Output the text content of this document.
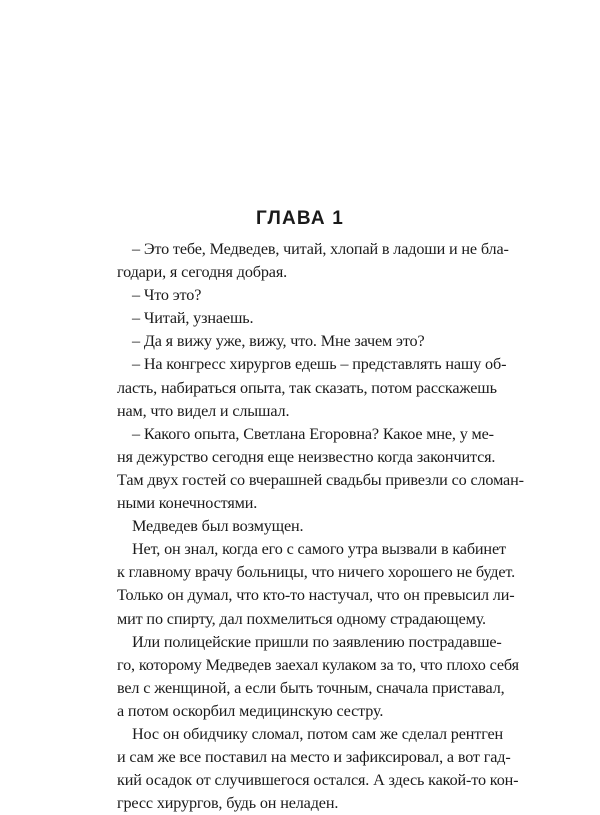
ГЛАВА 1
– Это тебе, Медведев, читай, хлопай в ладоши и не бла-
годари, я сегодня добрая.
– Что это?
– Читай, узнаешь.
– Да я вижу уже, вижу, что. Мне зачем это?
– На конгресс хирургов едешь – представлять нашу об-
ласть, набираться опыта, так сказать, потом расскажешь
нам, что видел и слышал.
– Какого опыта, Светлана Егоровна? Какое мне, у ме-
ня дежурство сегодня еще неизвестно когда закончится.
Там двух гостей со вчерашней свадьбы привезли со сломан-
ными конечностями.
Медведев был возмущен.
Нет, он знал, когда его с самого утра вызвали в кабинет
к главному врачу больницы, что ничего хорошего не будет.
Только он думал, что кто-то настучал, что он превысил ли-
мит по спирту, дал похмелиться одному страдающему.
Или полицейские пришли по заявлению пострадавше-
го, которому Медведев заехал кулаком за то, что плохо себя
вел с женщиной, а если быть точным, сначала приставал,
а потом оскорбил медицинскую сестру.
Нос он обидчику сломал, потом сам же сделал рентген
и сам же все поставил на место и зафиксировал, а вот гад-
кий осадок от случившегося остался. А здесь какой-то кон-
гресс хирургов, будь он неладен.
